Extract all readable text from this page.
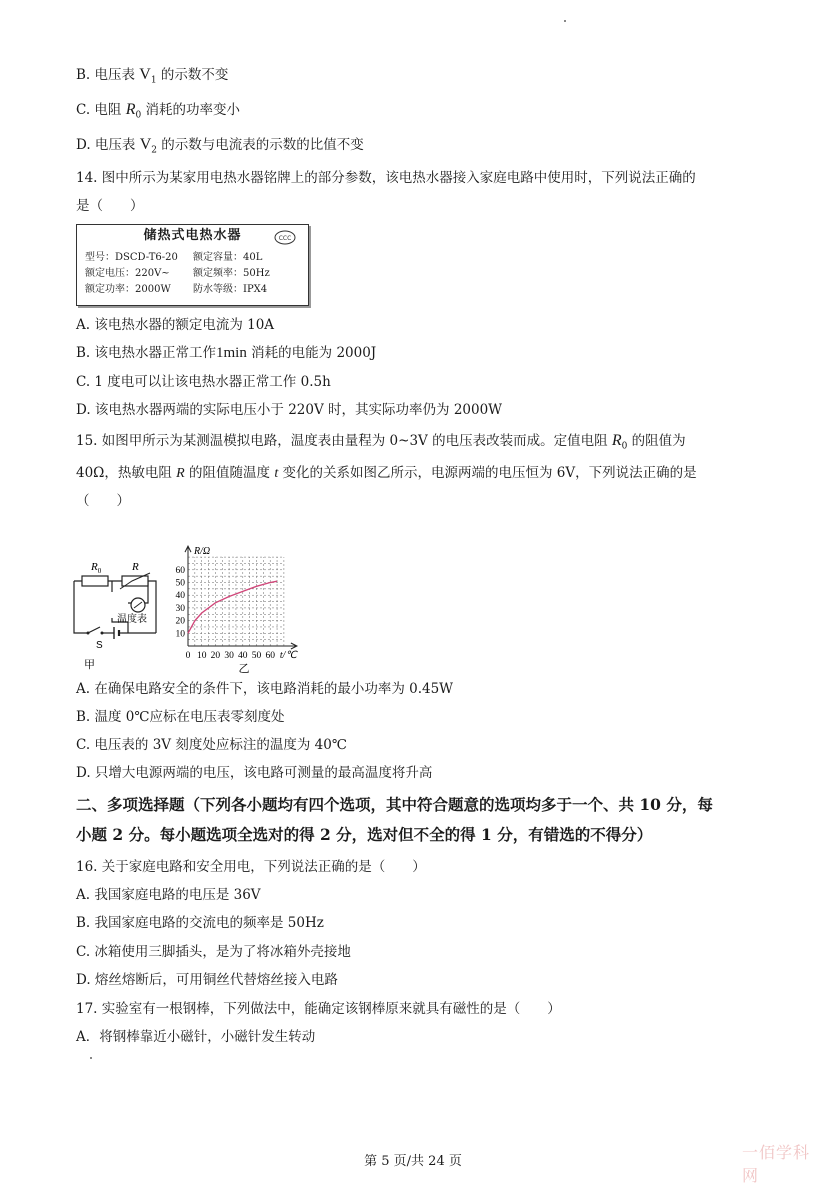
B. 电压表 $V_1$ 的示数不变
C. 电阻 $R_0$ 消耗的功率变小
D. 电压表 $V_2$ 的示数与电流表的示数的比值不变
14. 图中所示为某家用电热水器铭牌上的部分参数，该电热水器接入家庭电路中使用时，下列说法正确的
是（　　）
储热式电热水器	CCC
型号：DSCD-T6-20 额定容量：40L
额定电压：220V~ 额定频率：50Hz
额定功率：2000W 防水等级：IPX4
A. 该电热水器的额定电流为 10A
B. 该电热水器正常工作1min 消耗的电能为 2000J
C. 1 度电可以让该电热水器正常工作 0.5h
D. 该电热水器两端的实际电压小于 220V 时，其实际功率仍为 2000W
15. 如图甲所示为某测温模拟电路，温度表由量程为 0~3V 的电压表改装而成。定值电阻 $R_0$ 的阻值为
40Ω，热敏电阻 R 的阻值随温度 t 变化的关系如图乙所示，电源两端的电压恒为 6V，下列说法正确的是
（　　）
$R_0$	R
温度表
S
甲
10
20
30
40
50
60
0 10 20 30 40 50 60
R/Ω
t/℃
乙
A. 在确保电路安全的条件下，该电路消耗的最小功率为 0.45W
B. 温度 0℃应标在电压表零刻度处
C. 电压表的 3V 刻度处应标注的温度为 40℃
D. 只增大电源两端的电压，该电路可测量的最高温度将升高
二、多项选择题（下列各小题均有四个选项，其中符合题意的选项均多于一个、共 10 分，每
小题 2 分。每小题选项全选对的得 2 分，选对但不全的得 1 分，有错选的不得分）
16. 关于家庭电路和安全用电，下列说法正确的是（　　）
A. 我国家庭电路的电压是 36V
B. 我国家庭电路的交流电的频率是 50Hz
C. 冰箱使用三脚插头，是为了将冰箱外壳接地
D. 熔丝熔断后，可用铜丝代替熔丝接入电路
17. 实验室有一根钢棒，下列做法中，能确定该钢棒原来就具有磁性的是（　　）
A．将钢棒靠近小磁针，小磁针发生转动
第 5 页/共 24 页	一佰学科网
